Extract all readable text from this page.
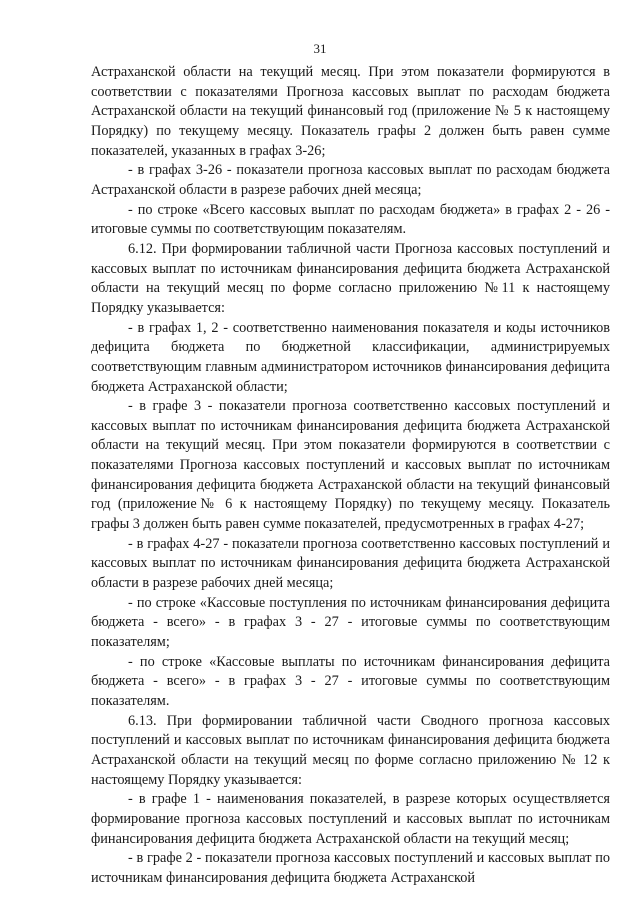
31

Астраханской области на текущий месяц. При этом показатели формируются в соответствии с показателями Прогноза кассовых выплат по расходам бюджета Астраханской области на текущий финансовый год (приложение № 5 к настоящему Порядку) по текущему месяцу. Показатель графы 2 должен быть равен сумме показателей, указанных в графах 3-26;

- в графах 3-26 - показатели прогноза кассовых выплат по расходам бюджета Астраханской области в разрезе рабочих дней месяца;

- по строке «Всего кассовых выплат по расходам бюджета» в графах 2 - 26 - итоговые суммы по соответствующим показателям.

6.12. При формировании табличной части Прогноза кассовых поступлений и кассовых выплат по источникам финансирования дефицита бюджета Астраханской области на текущий месяц по форме согласно приложению №11 к настоящему Порядку указывается:

- в графах 1, 2 - соответственно наименования показателя и коды источников дефицита бюджета по бюджетной классификации, администрируемых соответствующим главным администратором источников финансирования дефицита бюджета Астраханской области;

- в графе 3 - показатели прогноза соответственно кассовых поступлений и кассовых выплат по источникам финансирования дефицита бюджета Астраханской области на текущий месяц. При этом показатели формируются в соответствии с показателями Прогноза кассовых поступлений и кассовых выплат по источникам финансирования дефицита бюджета Астраханской области на текущий финансовый год (приложение№ 6 к настоящему Порядку) по текущему месяцу. Показатель графы 3 должен быть равен сумме показателей, предусмотренных в графах 4-27;

- в графах 4-27 - показатели прогноза соответственно кассовых поступлений и кассовых выплат по источникам финансирования дефицита бюджета Астраханской области в разрезе рабочих дней месяца;

- по строке «Кассовые поступления по источникам финансирования дефицита бюджета - всего» - в графах 3 - 27 - итоговые суммы по соответствующим показателям;

- по строке «Кассовые выплаты по источникам финансирования дефицита бюджета - всего» - в графах 3 - 27 - итоговые суммы по соответствующим показателям.

6.13. При формировании табличной части Сводного прогноза кассовых поступлений и кассовых выплат по источникам финансирования дефицита бюджета Астраханской области на текущий месяц по форме согласно приложению № 12 к настоящему Порядку указывается:

- в графе 1 - наименования показателей, в разрезе которых осуществляется формирование прогноза кассовых поступлений и кассовых выплат по источникам финансирования дефицита бюджета Астраханской области на текущий месяц;

- в графе 2 - показатели прогноза кассовых поступлений и кассовых выплат по источникам финансирования дефицита бюджета Астраханской
